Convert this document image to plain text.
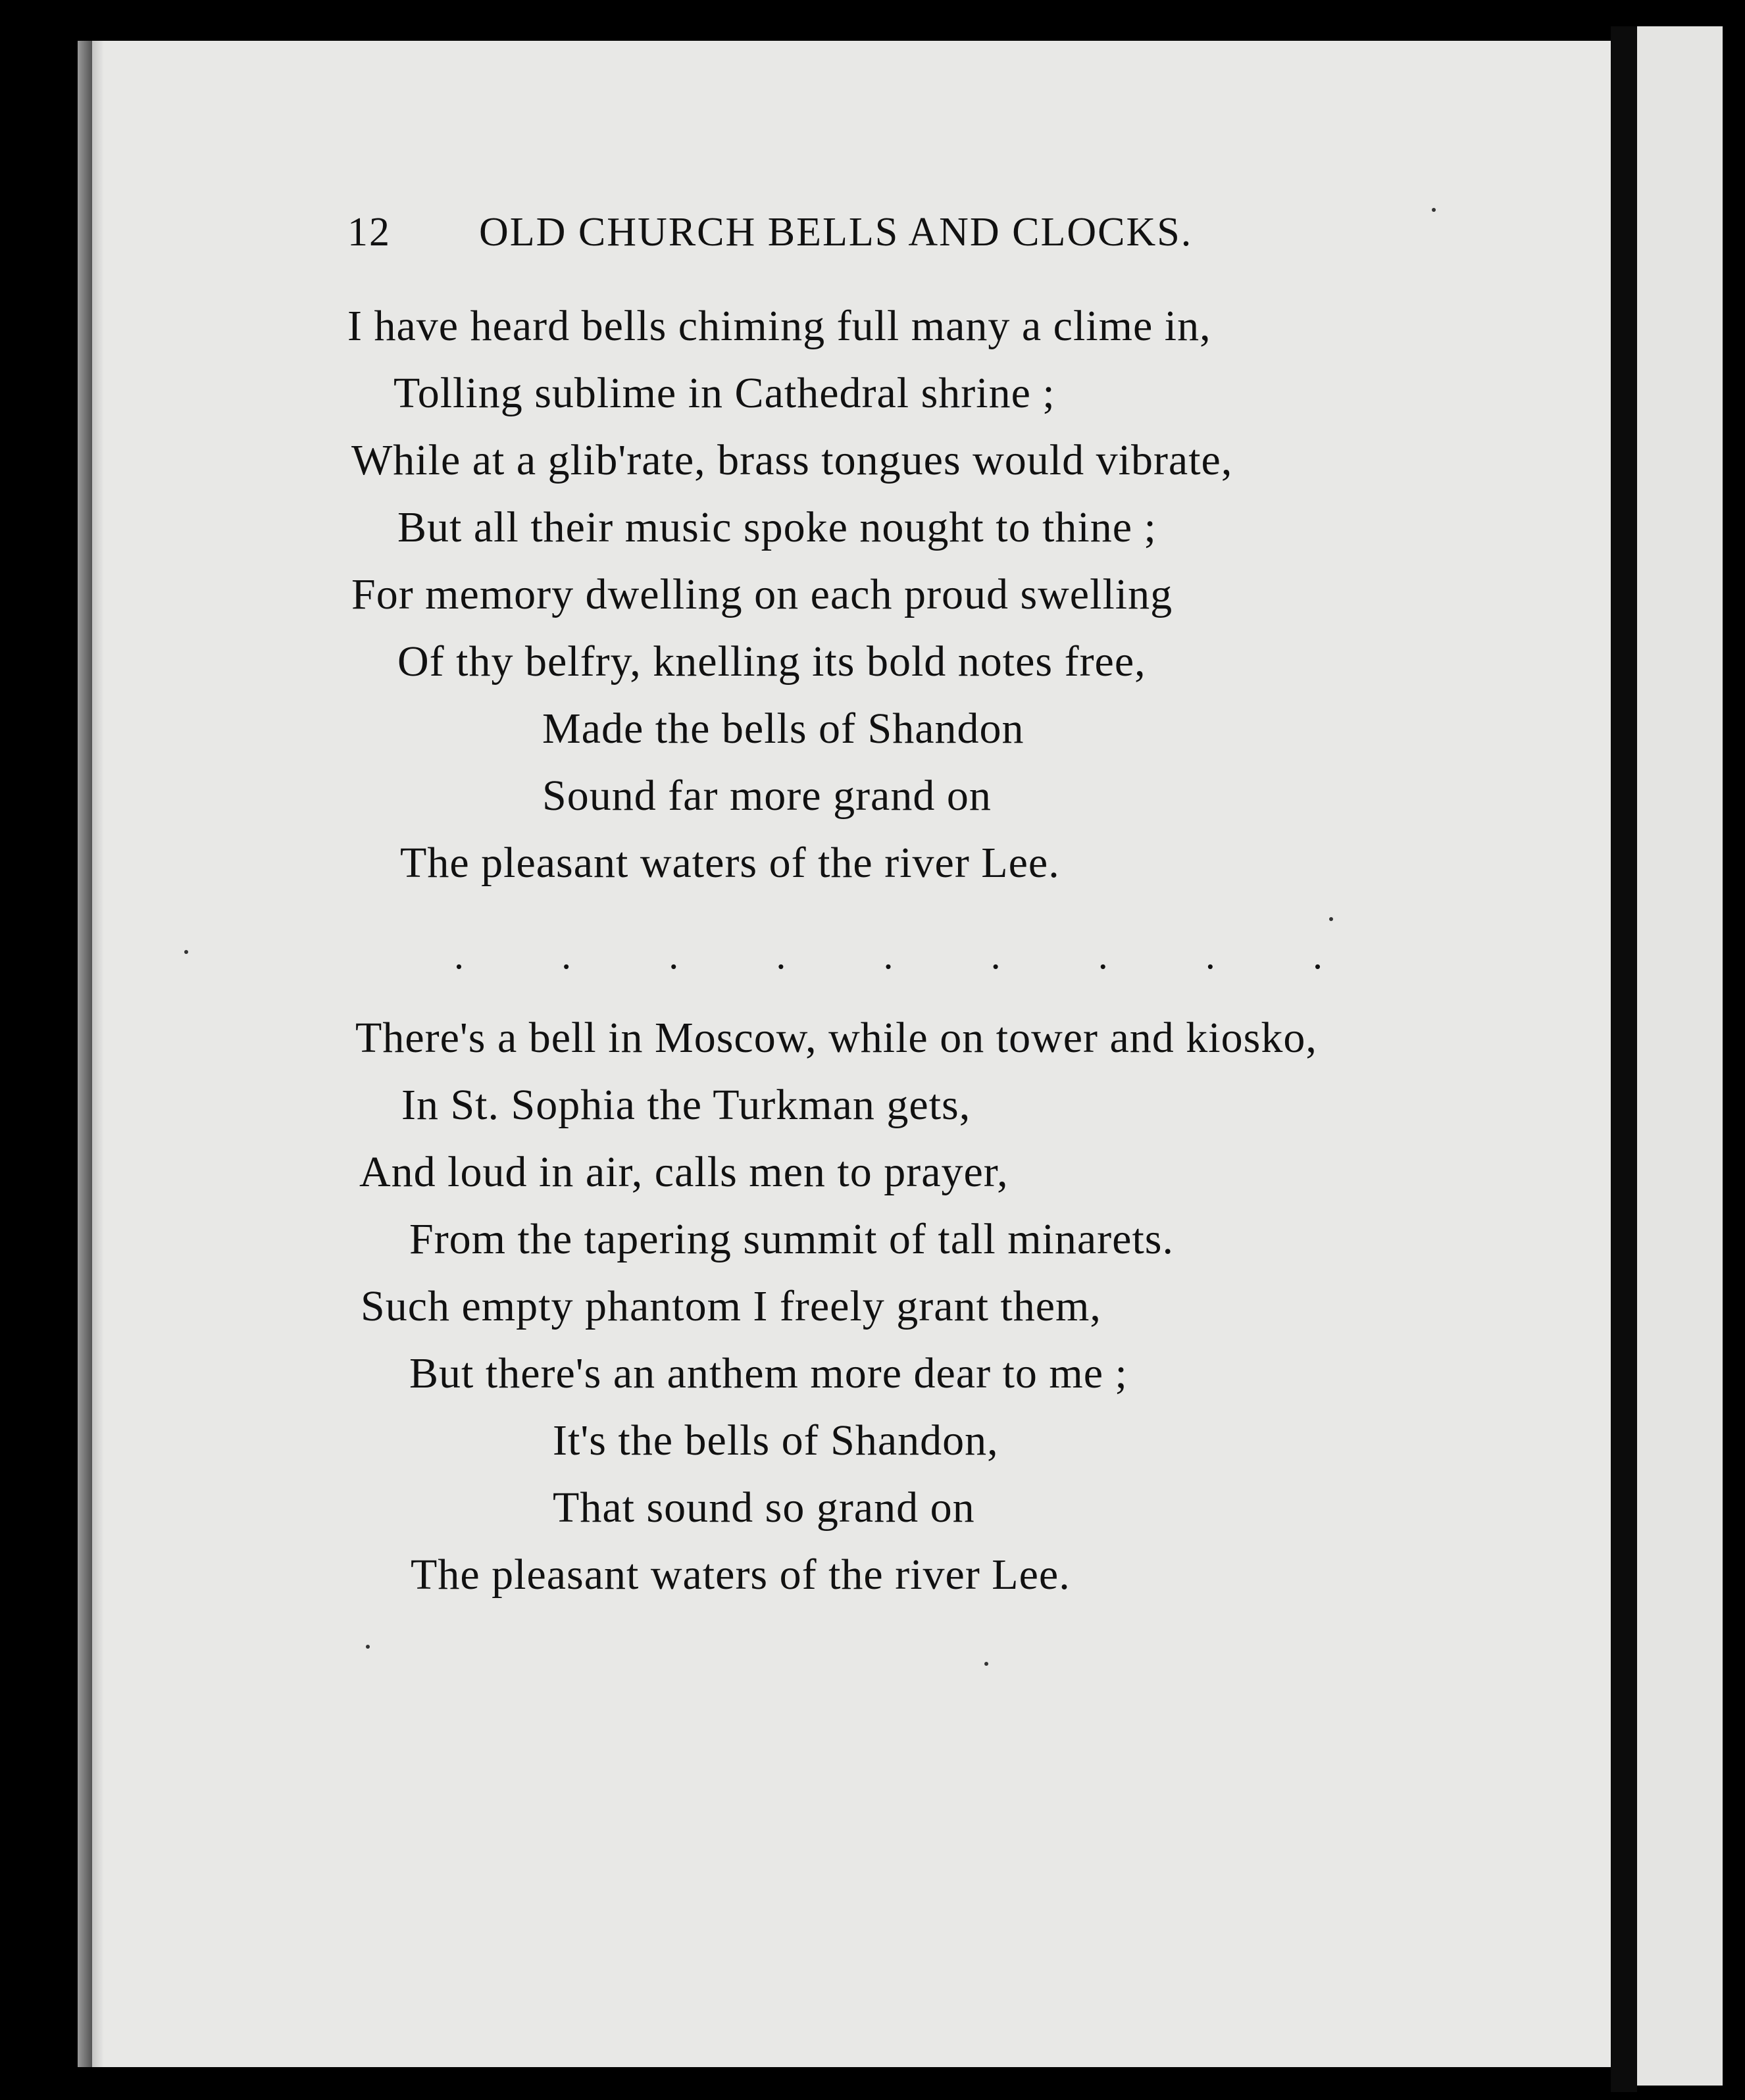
12 OLD CHURCH BELLS AND CLOCKS.
I have heard bells chiming full many a clime in,
Tolling sublime in Cathedral shrine ;
While at a glib'rate, brass tongues would vibrate,
But all their music spoke nought to thine ;
For memory dwelling on each proud swelling
Of thy belfry, knelling its bold notes free,
Made the bells of Shandon
Sound far more grand on
The pleasant waters of the river Lee.
. . . . . . . . .
There's a bell in Moscow, while on tower and kiosko,
In St. Sophia the Turkman gets,
And loud in air, calls men to prayer,
From the tapering summit of tall minarets.
Such empty phantom I freely grant them,
But there's an anthem more dear to me ;
It's the bells of Shandon,
That sound so grand on
The pleasant waters of the river Lee.
